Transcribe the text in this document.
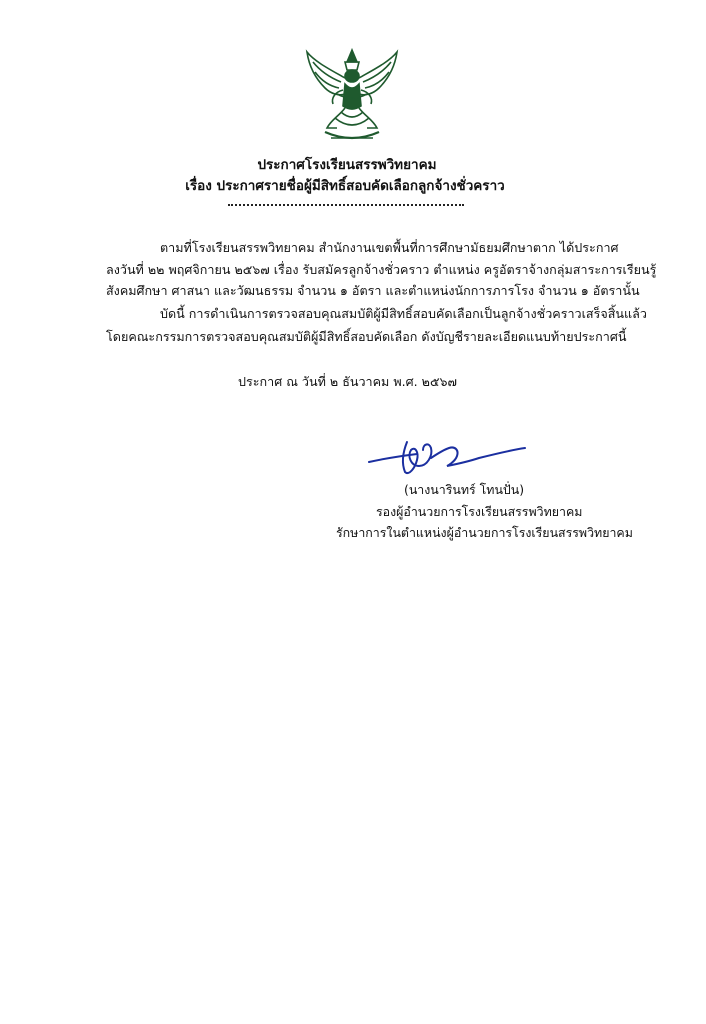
ประกาศโรงเรียนสรรพวิทยาคม
เรื่อง ประกาศรายชื่อผู้มีสิทธิ์สอบคัดเลือกลูกจ้างชั่วคราว
ตามที่โรงเรียนสรรพวิทยาคม สำนักงานเขตพื้นที่การศึกษามัธยมศึกษาตาก ได้ประกาศ
ลงวันที่ ๒๒ พฤศจิกายน ๒๕๖๗ เรื่อง รับสมัครลูกจ้างชั่วคราว ตำแหน่ง ครูอัตราจ้างกลุ่มสาระการเรียนรู้
สังคมศึกษา ศาสนา และวัฒนธรรม จำนวน ๑ อัตรา และตำแหน่งนักการภารโรง จำนวน ๑ อัตรานั้น
บัดนี้ การดำเนินการตรวจสอบคุณสมบัติผู้มีสิทธิ์สอบคัดเลือกเป็นลูกจ้างชั่วคราวเสร็จสิ้นแล้ว
โดยคณะกรรมการตรวจสอบคุณสมบัติผู้มีสิทธิ์สอบคัดเลือก ดังบัญชีรายละเอียดแนบท้ายประกาศนี้
ประกาศ ณ วันที่ ๒ ธันวาคม พ.ศ. ๒๕๖๗
(นางนารินทร์ โทนปั่น)
รองผู้อำนวยการโรงเรียนสรรพวิทยาคม
รักษาการในตำแหน่งผู้อำนวยการโรงเรียนสรรพวิทยาคม
